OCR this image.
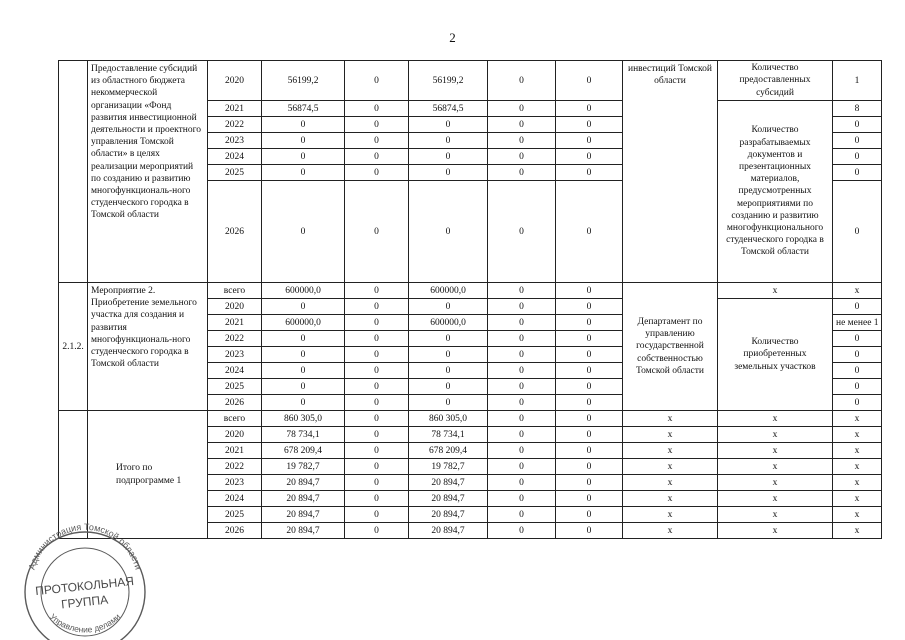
2
	Предоставление субсидий из областного бюджета некоммерческой организации «Фонд развития инвестиционной деятельности и проектного управления Томской области» в целях реализации мероприятий по созданию и развитию многофункциональ-ного студенческого городка в Томской области	2020	56199,2	0	56199,2	0	0	инвестиций Томской области	Количество предоставленных субсидий	1
		2021	56874,5	0	56874,5	0	0		Количество разрабатываемых документов и презентационных материалов, предусмотренных мероприятиями по созданию и развитию многофункционального студенческого городка в Томской области	8
		2022	0	0	0	0	0			0
		2023	0	0	0	0	0			0
		2024	0	0	0	0	0			0
		2025	0	0	0	0	0			0
		2026	0	0	0	0	0			0
2.1.2.	Мероприятие 2. Приобретение земельного участка для создания и развития многофункциональ-ного студенческого городка в Томской области	всего	600000,0	0	600000,0	0	0	Департамент по управлению государственной собственностью Томской области	х	х
		2020	0	0	0	0	0		Количество приобретенных земельных участков	0
		2021	600000,0	0	600000,0	0	0			не менее 1
		2022	0	0	0	0	0			0
		2023	0	0	0	0	0			0
		2024	0	0	0	0	0			0
		2025	0	0	0	0	0			0
		2026	0	0	0	0	0			0
	Итого по подпрограмме 1	всего	860 305,0	0	860 305,0	0	0	х	х	х
		2020	78 734,1	0	78 734,1	0	0	х	х	х
		2021	678 209,4	0	678 209,4	0	0	х	х	х
		2022	19 782,7	0	19 782,7	0	0	х	х	х
		2023	20 894,7	0	20 894,7	0	0	х	х	х
		2024	20 894,7	0	20 894,7	0	0	х	х	х
		2025	20 894,7	0	20 894,7	0	0	х	х	х
		2026	20 894,7	0	20 894,7	0	0	х	х	х
Администрация Томской области
Управление делами
ПРОТОКОЛЬНАЯ
ГРУППА
